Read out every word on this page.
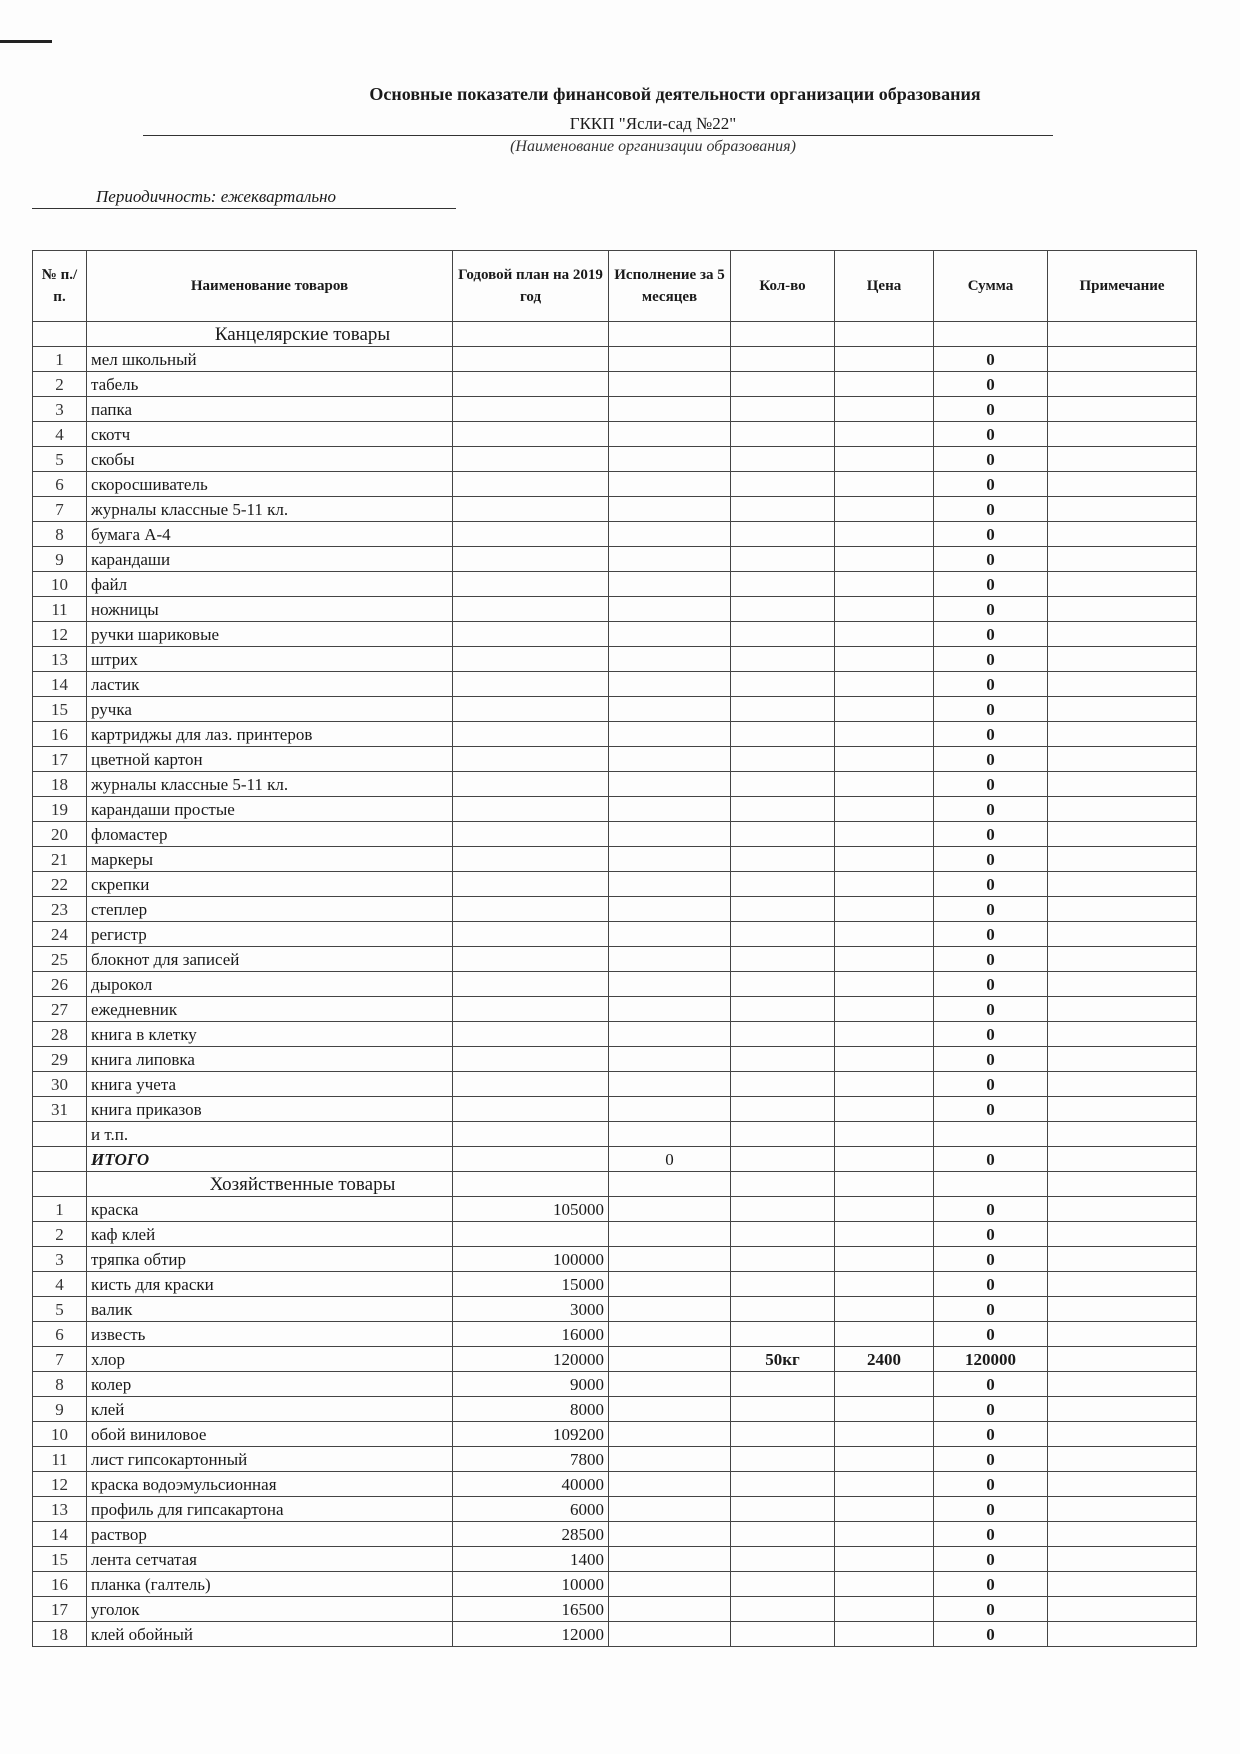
Основные показатели финансовой деятельности организации образования
ГККП "Ясли-сад №22"
(Наименование организации образования)
Периодичность: ежеквартально
№ п./п.	Наименование товаров	Годовой план на 2019 год	Исполнение за 5 месяцев	Кол-во	Цена	Сумма	Примечание
	Канцелярские товары						
1	мел школьный					0	
2	табель					0	
3	папка					0	
4	скотч					0	
5	скобы					0	
6	скоросшиватель					0	
7	журналы классные 5-11 кл.					0	
8	бумага А-4					0	
9	карандаши					0	
10	файл					0	
11	ножницы					0	
12	ручки шариковые					0	
13	штрих					0	
14	ластик					0	
15	ручка					0	
16	картриджы для лаз. принтеров					0	
17	цветной картон					0	
18	журналы классные 5-11 кл.					0	
19	карандаши простые					0	
20	фломастер					0	
21	маркеры					0	
22	скрепки					0	
23	степлер					0	
24	регистр					0	
25	блокнот для записей					0	
26	дырокол					0	
27	ежедневник					0	
28	книга в клетку					0	
29	книга липовка					0	
30	книга учета					0	
31	книга приказов					0	
	и т.п.						
	ИТОГО		0			0	
	Хозяйственные товары						
1	краска	105000				0	
2	каф клей					0	
3	тряпка обтир	100000				0	
4	кисть для краски	15000				0	
5	валик	3000				0	
6	известь	16000				0	
7	хлор	120000		50кг	2400	120000	
8	колер	9000				0	
9	клей	8000				0	
10	обой виниловое	109200				0	
11	лист гипсокартонный	7800				0	
12	краска водоэмульсионная	40000				0	
13	профиль для гипсакартона	6000				0	
14	раствор	28500				0	
15	лента сетчатая	1400				0	
16	планка (галтель)	10000				0	
17	уголок	16500				0	
18	клей обойный	12000				0	
